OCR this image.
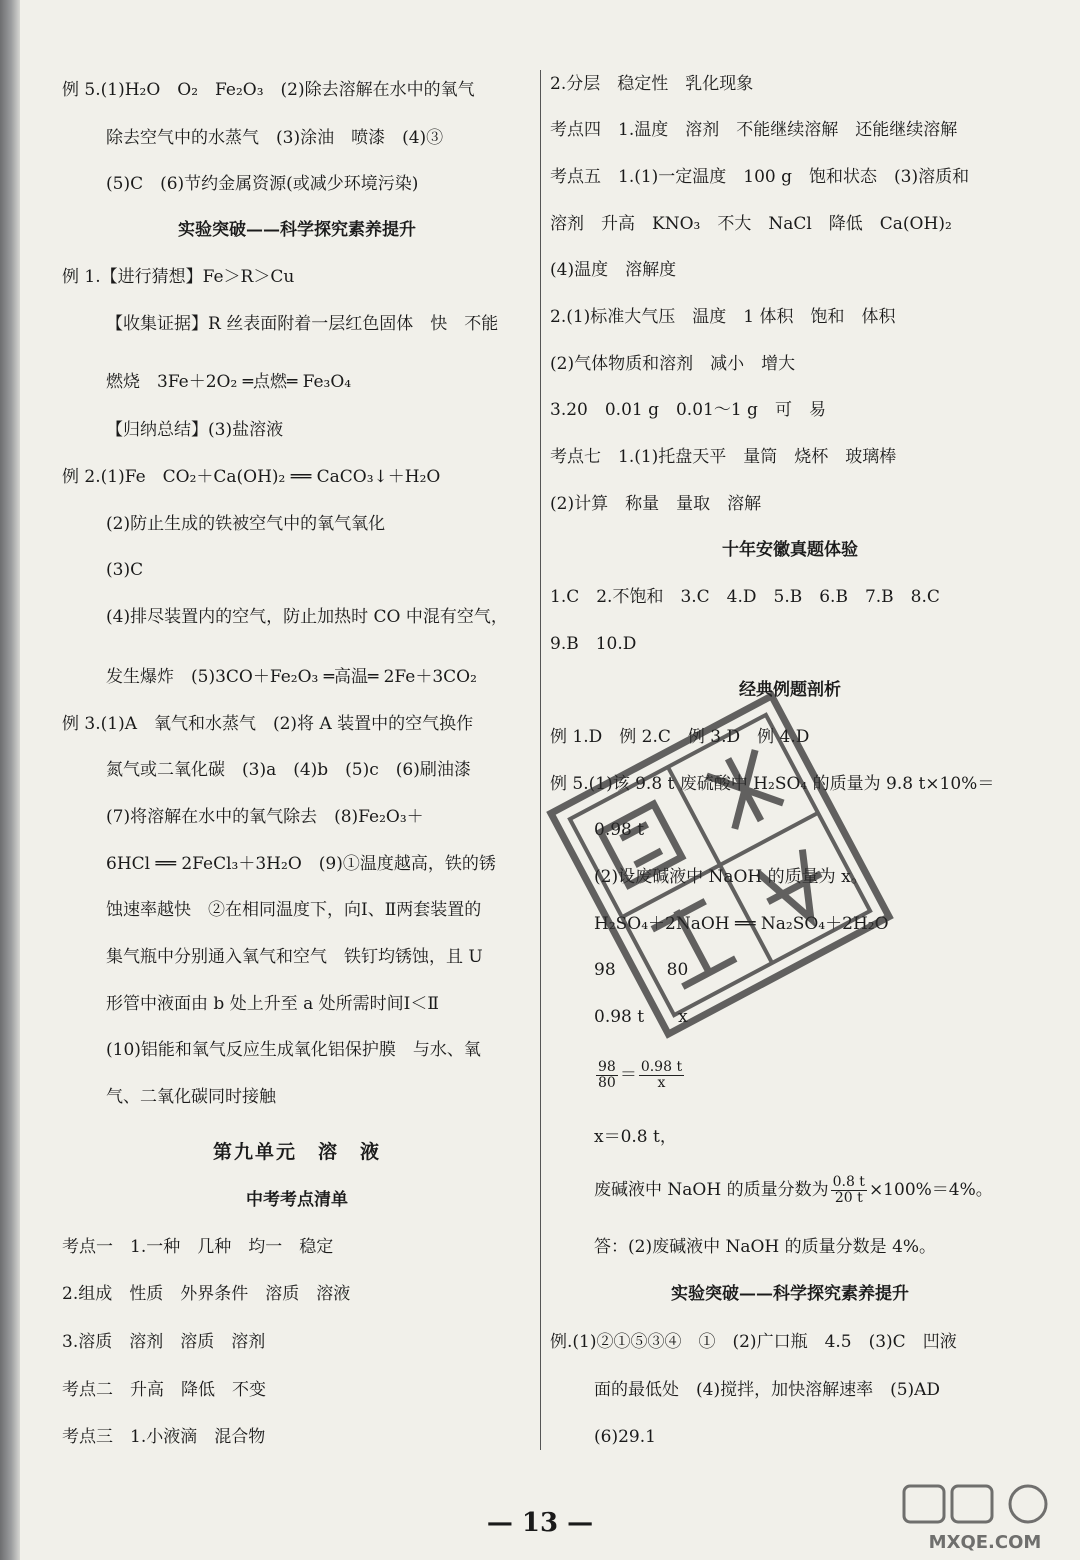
例 5.(1)H₂O　O₂　Fe₂O₃　(2)除去溶解在水中的氧气
除去空气中的水蒸气　(3)涂油　喷漆　(4)③
(5)C　(6)节约金属资源(或减少环境污染)
实验突破——科学探究素养提升
例 1.【进行猜想】Fe＞R＞Cu
【收集证据】R 丝表面附着一层红色固体　快　不能
燃烧　3Fe＋2O₂ ═点燃═ Fe₃O₄
【归纳总结】(3)盐溶液
例 2.(1)Fe　CO₂＋Ca(OH)₂ ══ CaCO₃↓＋H₂O
(2)防止生成的铁被空气中的氧气氧化
(3)C
(4)排尽装置内的空气，防止加热时 CO 中混有空气，
发生爆炸　(5)3CO＋Fe₂O₃ ═高温═ 2Fe＋3CO₂
例 3.(1)A　氧气和水蒸气　(2)将 A 装置中的空气换作
氮气或二氧化碳　(3)a　(4)b　(5)c　(6)刷油漆
(7)将溶解在水中的氧气除去　(8)Fe₂O₃＋
6HCl ══ 2FeCl₃＋3H₂O　(9)①温度越高，铁的锈
蚀速率越快　②在相同温度下，向Ⅰ、Ⅱ两套装置的
集气瓶中分别通入氧气和空气　铁钉均锈蚀，且 U
形管中液面由 b 处上升至 a 处所需时间Ⅰ＜Ⅱ
(10)铝能和氧气反应生成氧化铝保护膜　与水、氧
气、二氧化碳同时接触
第九单元　溶　液
中考考点清单
考点一　1.一种　几种　均一　稳定
2.组成　性质　外界条件　溶质　溶液
3.溶质　溶剂　溶质　溶剂
考点二　升高　降低　不变
考点三　1.小液滴　混合物
$\frac{98}{80} = \frac{0.98 t}{x}$
x＝0.8 t，
废碱液中 NaOH 的质量分数为 $\frac{0.8 t}{20 t} \times 100\%=4\%$。
答：(2)废碱液中 NaOH 的质量分数是 4%。
实验突破——科学探究素养提升
2.分层　稳定性　乳化现象
考点四　1.温度　溶剂　不能继续溶解　还能继续溶解
考点五　1.(1)一定温度　100 g　饱和状态　(3)溶质和
溶剂　升高　KNO₃　不大　NaCl　降低　Ca(OH)₂
(4)温度　溶解度
2.(1)标准大气压　温度　1 体积　饱和　体积
(2)气体物质和溶剂　减小　增大
3.20　0.01 g　0.01～1 g　可　易
考点七　1.(1)托盘天平　量筒　烧杯　玻璃棒
(2)计算　称量　量取　溶解
十年安徽真题体验
1.C　2.不饱和　3.C　4.D　5.B　6.B　7.B　8.C
9.B　10.D
经典例题剖析
例 1.D　例 2.C　例 3.D　例 4.D
例 5.(1)该 9.8 t 废硫酸中 H₂SO₄ 的质量为 9.8 t×10%＝
0.98 t
(2)设废碱液中 NaOH 的质量为 x。
H₂SO₄＋2NaOH ══ Na₂SO₄＋2H₂O
98　　　80
0.98 t　　x
例.(1)②①⑤③④　①　(2)广口瓶　4.5　(3)C　凹液
面的最低处　(4)搅拌，加快溶解速率　(5)AD
(6)29.1
— 13 —
MXQE.COM
